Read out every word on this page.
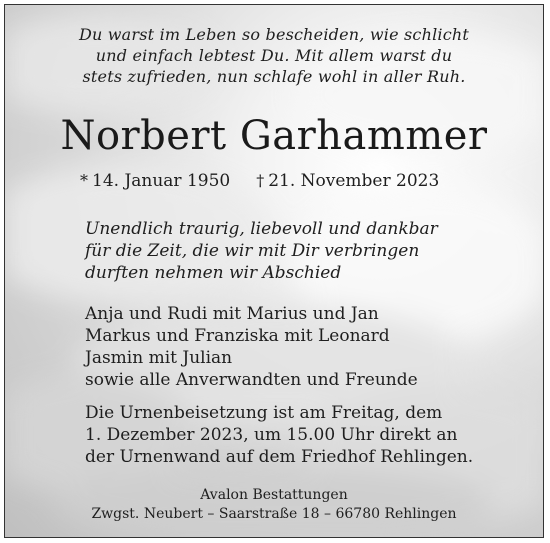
Du warst im Leben so bescheiden, wie schlicht
und einfach lebtest Du. Mit allem warst du
stets zufrieden, nun schlafe wohl in aller Ruh.
Norbert Garhammer
* 14. Januar 1950 † 21. November 2023
Unendlich traurig, liebevoll und dankbar
für die Zeit, die wir mit Dir verbringen
durften nehmen wir Abschied
Anja und Rudi mit Marius und Jan
Markus und Franziska mit Leonard
Jasmin mit Julian
sowie alle Anverwandten und Freunde
Die Urnenbeisetzung ist am Freitag, dem
1. Dezember 2023, um 15.00 Uhr direkt an
der Urnenwand auf dem Friedhof Rehlingen.
Avalon Bestattungen
Zwgst. Neubert – Saarstraße 18 – 66780 Rehlingen
